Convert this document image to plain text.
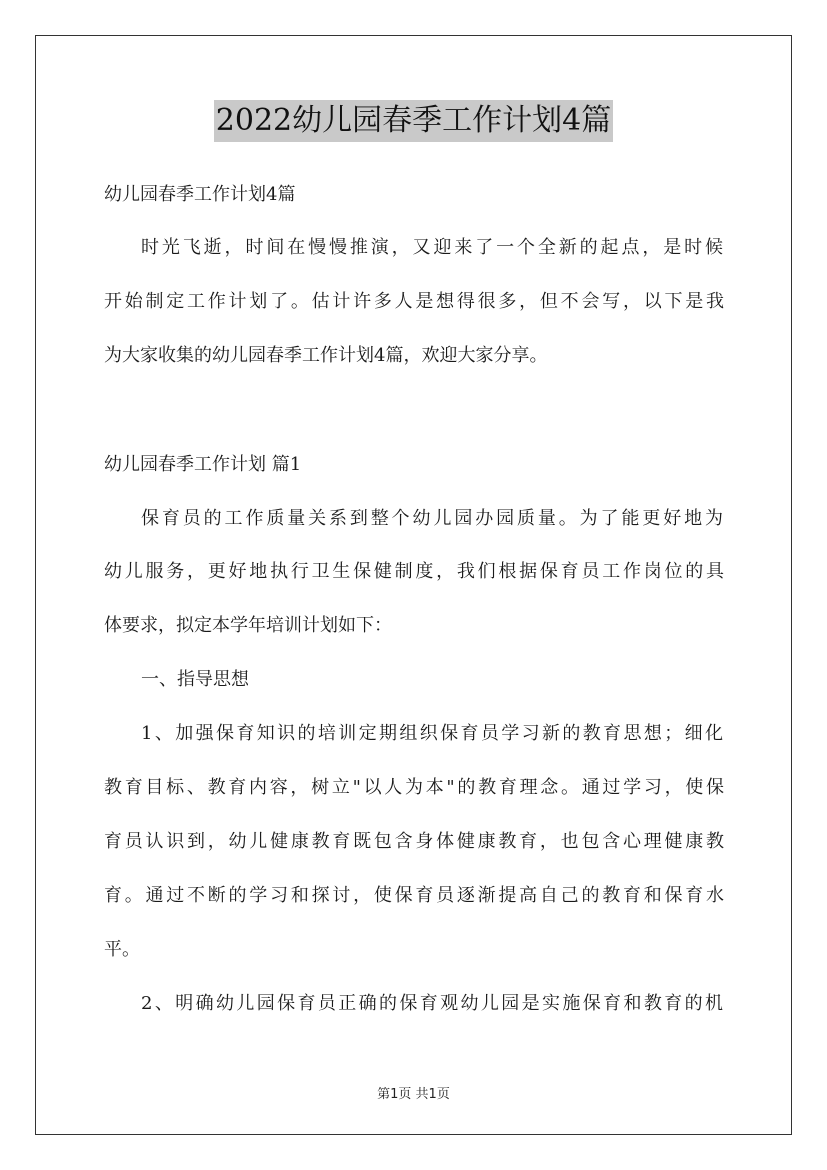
2022幼儿园春季工作计划4篇
幼儿园春季工作计划4篇
时光飞逝，时间在慢慢推演，又迎来了一个全新的起点，是时候
开始制定工作计划了。估计许多人是想得很多，但不会写，以下是我
为大家收集的幼儿园春季工作计划4篇，欢迎大家分享。
幼儿园春季工作计划 篇1
保育员的工作质量关系到整个幼儿园办园质量。为了能更好地为
幼儿服务，更好地执行卫生保健制度，我们根据保育员工作岗位的具
体要求，拟定本学年培训计划如下：
一、指导思想
1、加强保育知识的培训定期组织保育员学习新的教育思想；细化
教育目标、教育内容，树立"以人为本"的教育理念。通过学习，使保
育员认识到，幼儿健康教育既包含身体健康教育，也包含心理健康教
育。通过不断的学习和探讨，使保育员逐渐提高自己的教育和保育水
平。
2、明确幼儿园保育员正确的保育观幼儿园是实施保育和教育的机
第1页 共1页
